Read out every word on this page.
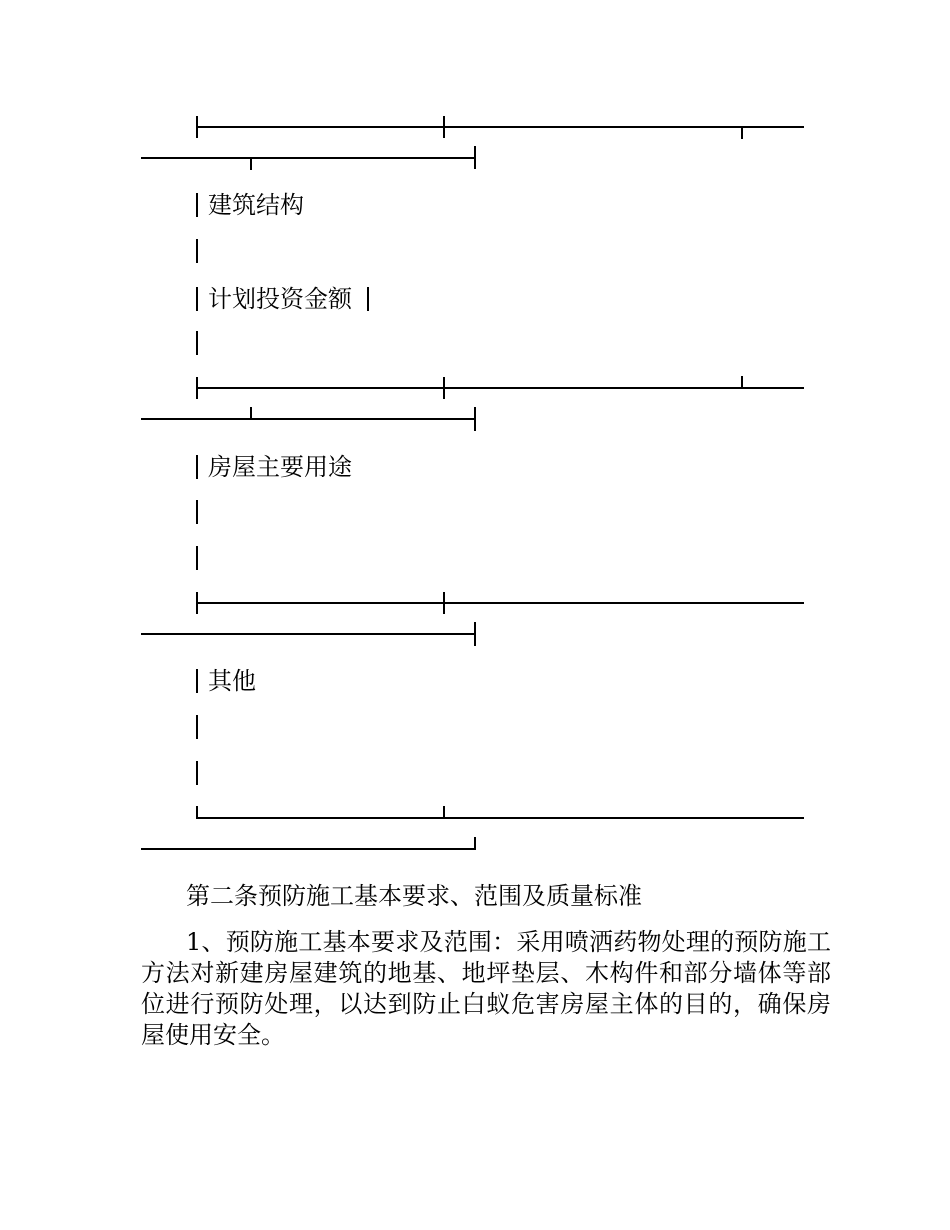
建筑结构
计划投资金额
房屋主要用途
其他
第二条预防施工基本要求、范围及质量标准
1、预防施工基本要求及范围：采用喷洒药物处理的预防施工方法对新建房屋建筑的地基、地坪垫层、木构件和部分墙体等部位进行预防处理，以达到防止白蚁危害房屋主体的目的，确保房屋使用安全。
